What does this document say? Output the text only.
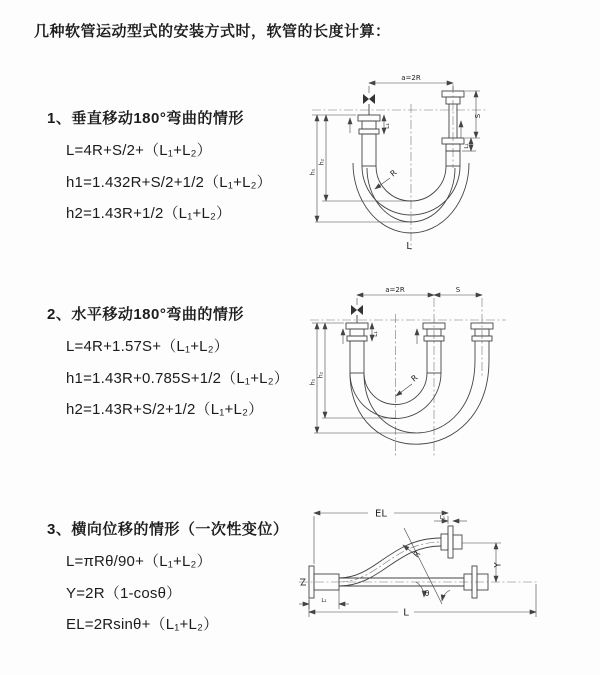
几种软管运动型式的安装方式时，软管的长度计算：
1、垂直移动180°弯曲的情形
L=4R+S/2+（L₁+L₂）
h1=1.432R+S/2+1/2（L₁+L₂）
h2=1.43R+1/2（L₁+L₂）
2、水平移动180°弯曲的情形
L=4R+1.57S+（L₁+L₂）
h1=1.43R+0.785S+1/2（L₁+L₂）
h2=1.43R+S/2+1/2（L₁+L₂）
3、横向位移的情形（一次性变位）
L=πRθ/90+（L₁+L₂）
Y=2R（1-cosθ）
EL=2Rsinθ+（L₁+L₂）
a=2R
h₁
h₂
L₁
S
L₁
R
L
a=2R	S
h₁
h₂
L₁
R
EL	L₁
L₁
Y
L
θ
R
